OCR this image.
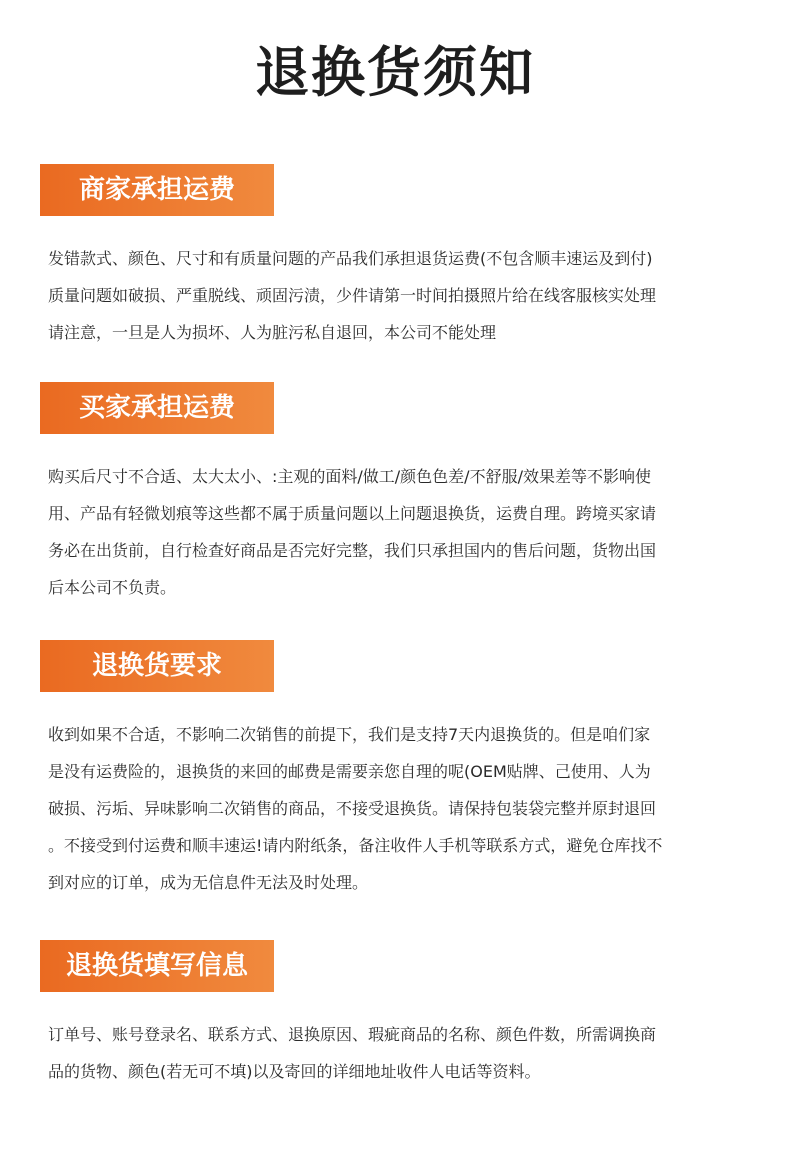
退换货须知
商家承担运费
发错款式、颜色、尺寸和有质量问题的产品我们承担退货运费(不包含顺丰速运及到付)
质量问题如破损、严重脱线、顽固污渍，少件请第一时间拍摄照片给在线客服核实处理
请注意，一旦是人为损坏、人为脏污私自退回，本公司不能处理
买家承担运费
购买后尺寸不合适、太大太小、:主观的面料/做工/颜色色差/不舒服/效果差等不影响使
用、产品有轻微划痕等这些都不属于质量问题以上问题退换货，运费自理。跨境买家请
务必在出货前，自行检查好商品是否完好完整，我们只承担国内的售后问题，货物出国
后本公司不负责。
退换货要求
收到如果不合适，不影响二次销售的前提下，我们是支持7天内退换货的。但是咱们家
是没有运费险的，退换货的来回的邮费是需要亲您自理的呢(OEM贴牌、己使用、人为
破损、污垢、异味影响二次销售的商品，不接受退换货。请保持包装袋完整并原封退回
。不接受到付运费和顺丰速运!请内附纸条，备注收件人手机等联系方式，避免仓库找不
到对应的订单，成为无信息件无法及时处理。
退换货填写信息
订单号、账号登录名、联系方式、退换原因、瑕疵商品的名称、颜色件数，所需调换商
品的货物、颜色(若无可不填)以及寄回的详细地址收件人电话等资料。
